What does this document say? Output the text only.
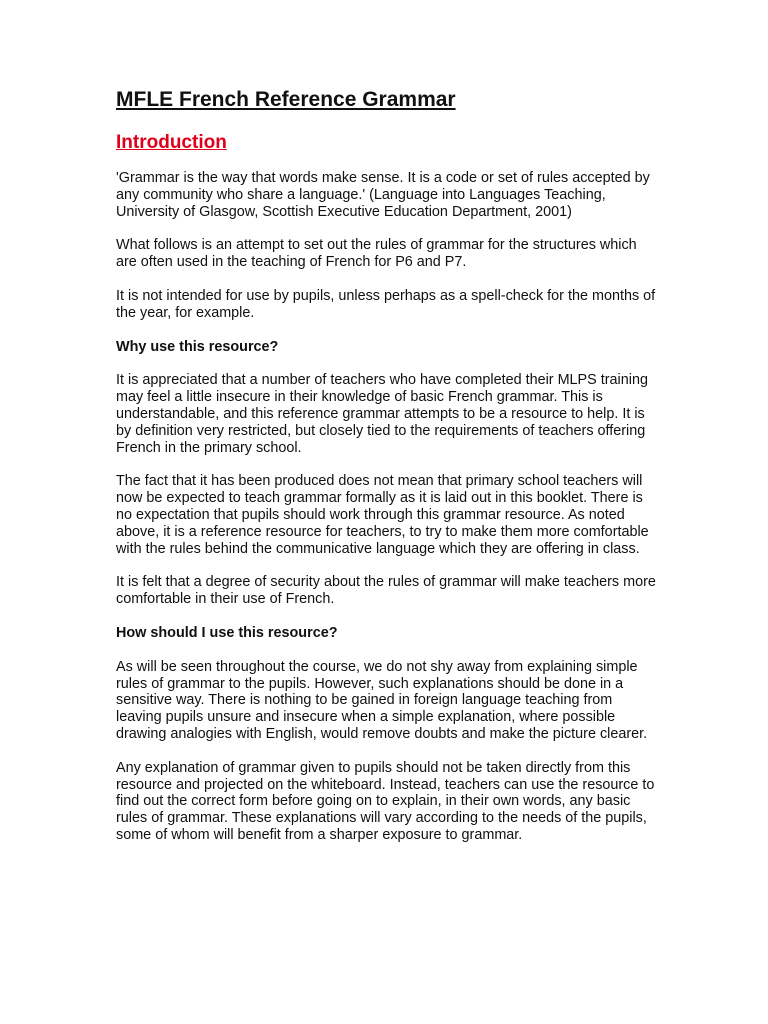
MFLE French Reference Grammar
Introduction

'Grammar is the way that words make sense. It is a code or set of rules accepted by any community who share a language.' (Language into Languages Teaching, University of Glasgow, Scottish Executive Education Department, 2001)

What follows is an attempt to set out the rules of grammar for the structures which are often used in the teaching of French for P6 and P7.

It is not intended for use by pupils, unless perhaps as a spell-check for the months of the year, for example.

Why use this resource?

It is appreciated that a number of teachers who have completed their MLPS training may feel a little insecure in their knowledge of basic French grammar. This is understandable, and this reference grammar attempts to be a resource to help. It is by definition very restricted, but closely tied to the requirements of teachers offering French in the primary school.

The fact that it has been produced does not mean that primary school teachers will now be expected to teach grammar formally as it is laid out in this booklet. There is no expectation that pupils should work through this grammar resource. As noted above, it is a reference resource for teachers, to try to make them more comfortable with the rules behind the communicative language which they are offering in class.

It is felt that a degree of security about the rules of grammar will make teachers more comfortable in their use of French.

How should I use this resource?

As will be seen throughout the course, we do not shy away from explaining simple rules of grammar to the pupils. However, such explanations should be done in a sensitive way. There is nothing to be gained in foreign language teaching from leaving pupils unsure and insecure when a simple explanation, where possible drawing analogies with English, would remove doubts and make the picture clearer.

Any explanation of grammar given to pupils should not be taken directly from this resource and projected on the whiteboard. Instead, teachers can use the resource to find out the correct form before going on to explain, in their own words, any basic rules of grammar. These explanations will vary according to the needs of the pupils, some of whom will benefit from a sharper exposure to grammar.
